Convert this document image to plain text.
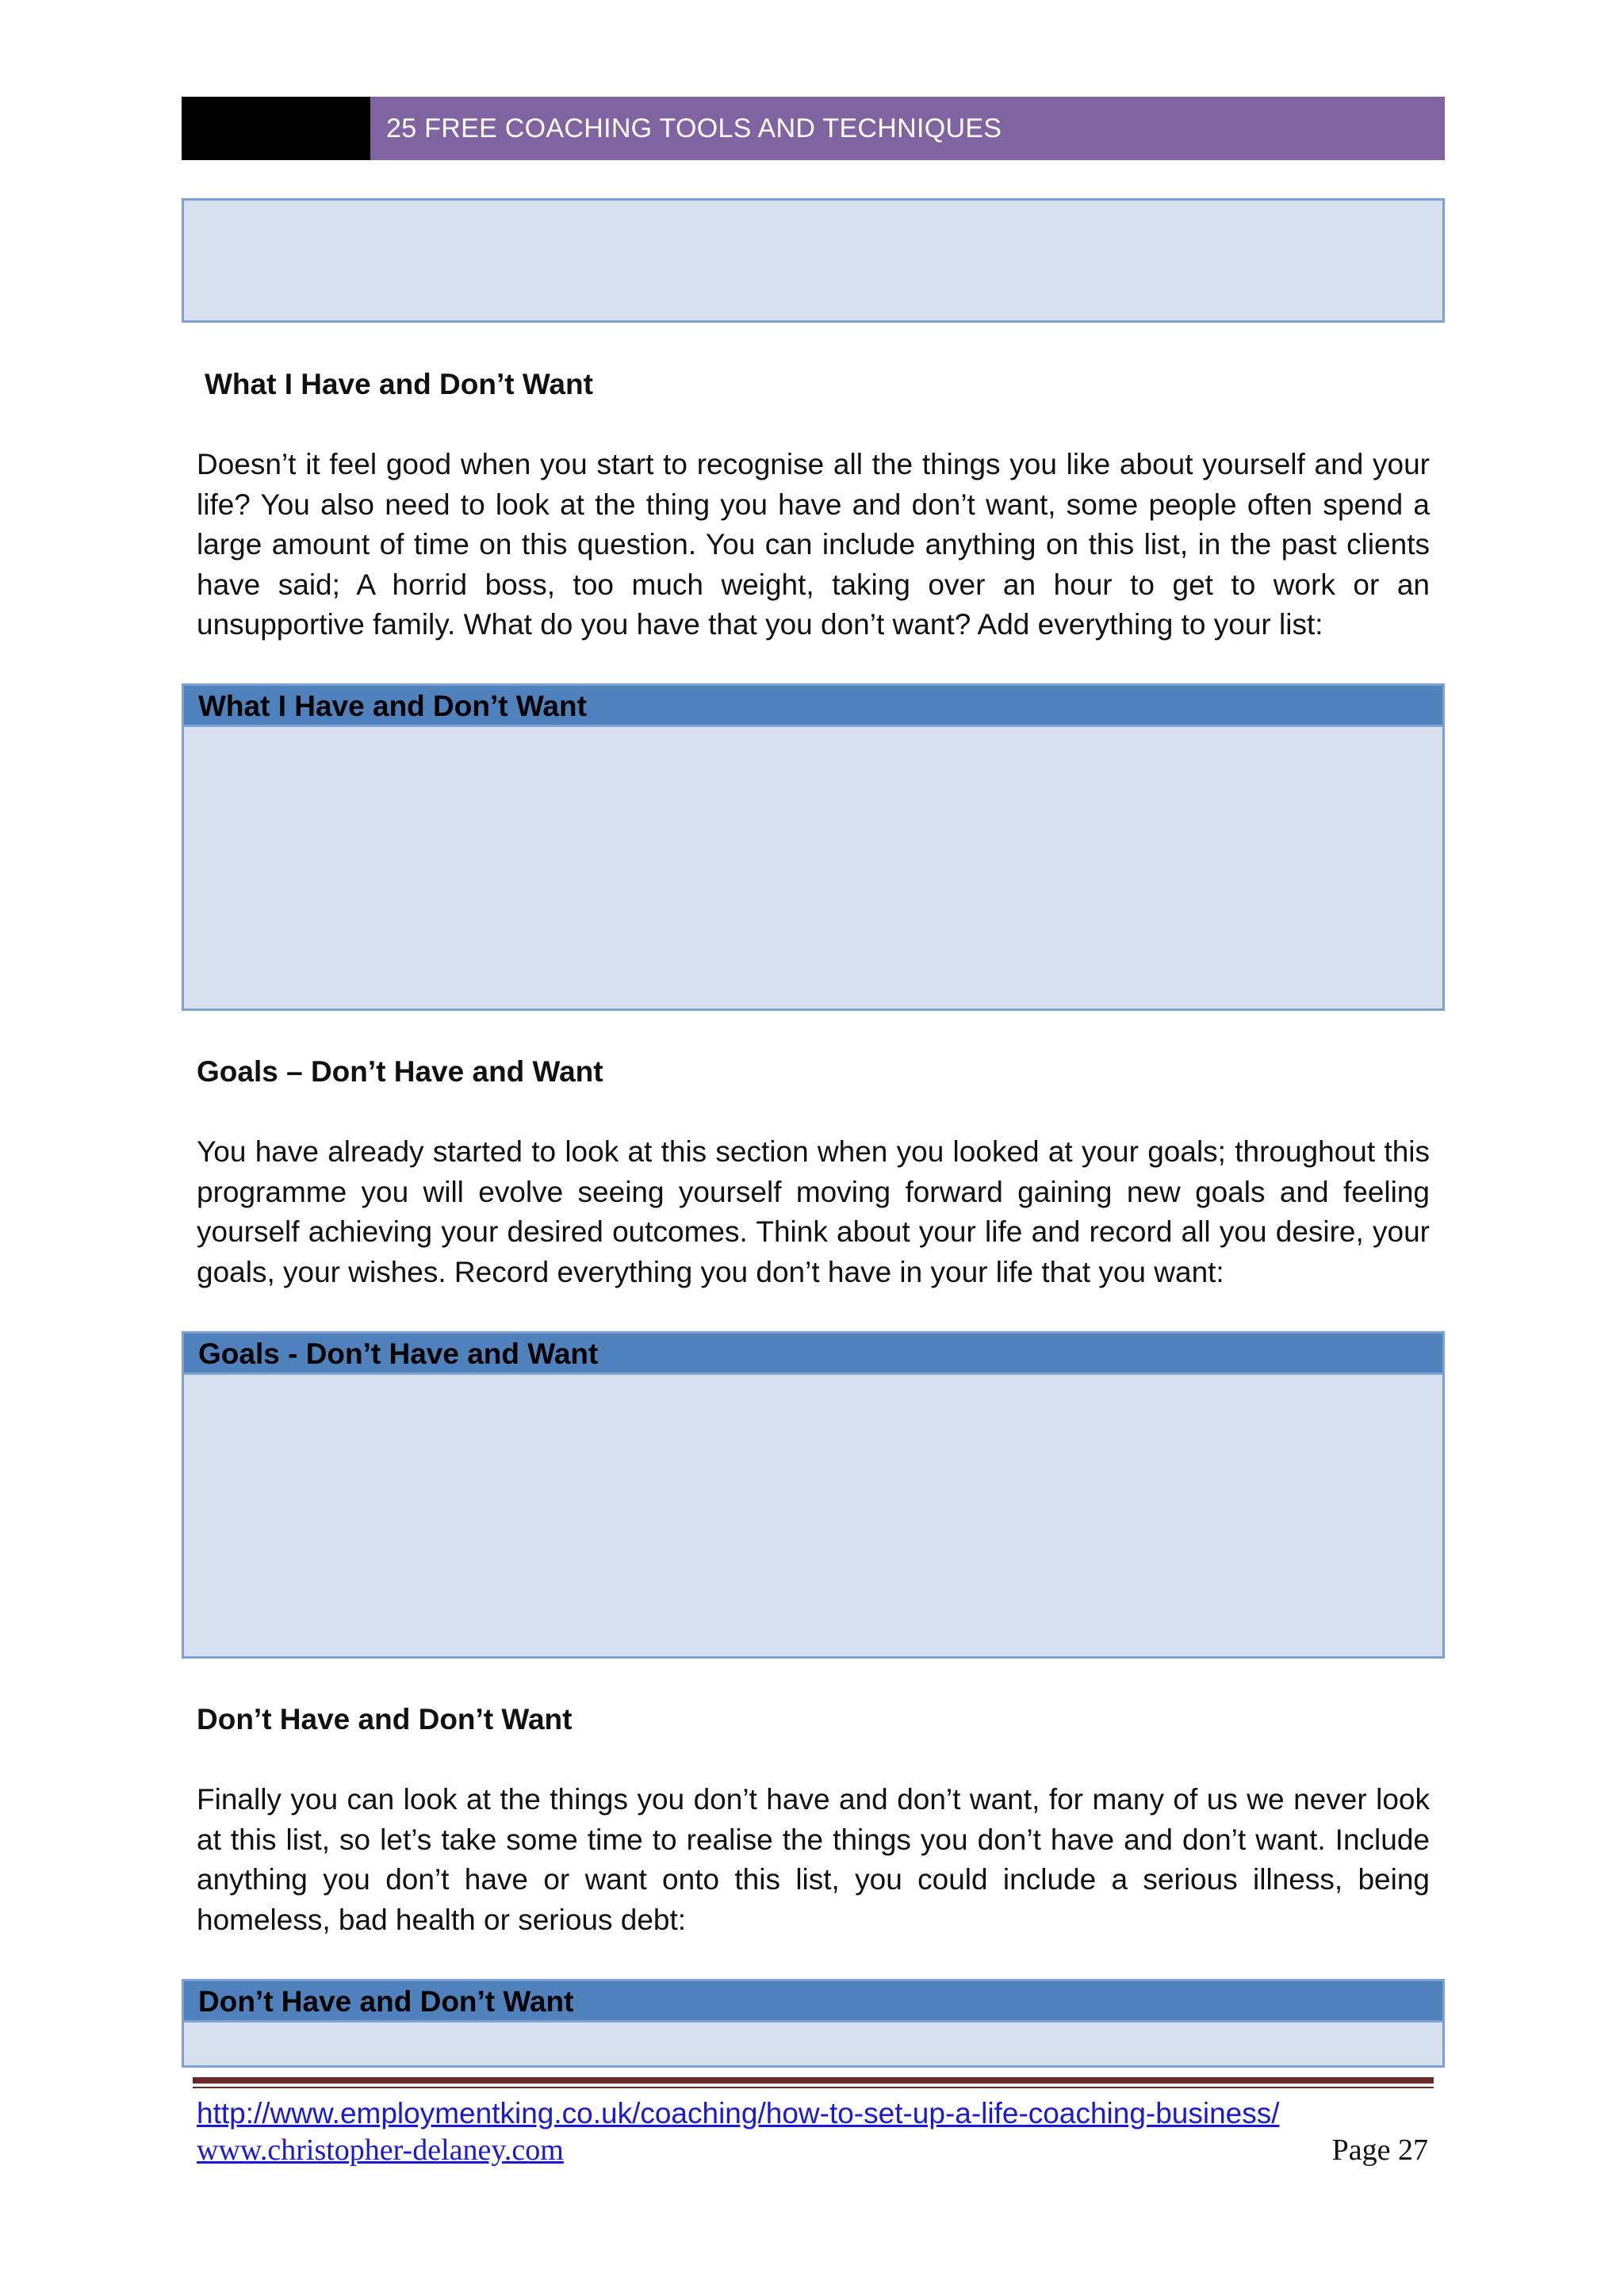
25 FREE COACHING TOOLS AND TECHNIQUES
What I Have and Don’t Want
Doesn’t it feel good when you start to recognise all the things you like about yourself and your life? You also need to look at the thing you have and don’t want, some people often spend a large amount of time on this question. You can include anything on this list, in the past clients have said; A horrid boss, too much weight, taking over an hour to get to work or an unsupportive family. What do you have that you don’t want? Add everything to your list:
What I Have and Don’t Want
Goals – Don’t Have and Want
You have already started to look at this section when you looked at your goals; throughout this programme you will evolve seeing yourself moving forward gaining new goals and feeling yourself achieving your desired outcomes. Think about your life and record all you desire, your goals, your wishes. Record everything you don’t have in your life that you want:
Goals - Don’t Have and Want
Don’t Have and Don’t Want
Finally you can look at the things you don’t have and don’t want, for many of us we never look at this list, so let’s take some time to realise the things you don’t have and don’t want. Include anything you don’t have or want onto this list, you could include a serious illness, being homeless, bad health or serious debt:
Don’t Have and Don’t Want
http://www.employmentking.co.uk/coaching/how-to-set-up-a-life-coaching-business/
www.christopher-delaney.com	Page 27
